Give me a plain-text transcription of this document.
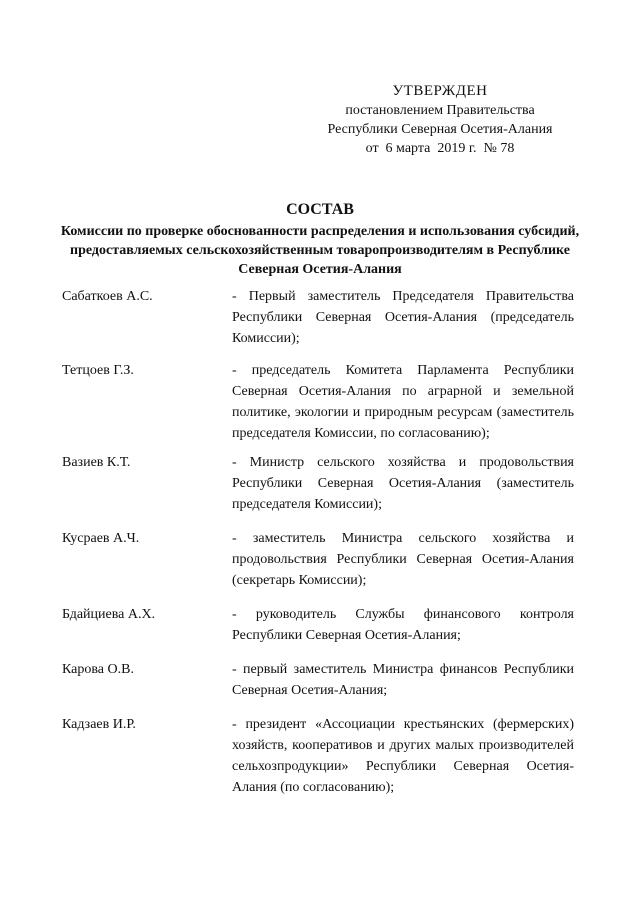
УТВЕРЖДЕН
постановлением Правительства
Республики Северная Осетия-Алания
от  6 марта  2019 г.  № 78
СОСТАВ
Комиссии по проверке обоснованности распределения и использования субсидий, предоставляемых сельскохозяйственным товаропроизводителям в Республике Северная Осетия-Алания
Сабаткоев А.С.	- Первый заместитель Председателя Правительства Республики Северная Осетия-Алания (председатель Комиссии);
Тетцоев Г.З.	- председатель Комитета Парламента Республики Северная Осетия-Алания по аграрной и земельной политике, экологии и природным ресурсам (заместитель председателя Комиссии, по согласованию);
Вазиев К.Т.	- Министр сельского хозяйства и продовольствия Республики Северная Осетия-Алания (заместитель председателя Комиссии);
Кусраев А.Ч.	- заместитель Министра сельского хозяйства и продовольствия Республики Северная Осетия-Алания (секретарь Комиссии);
Бдайциева А.Х.	- руководитель Службы финансового контроля Республики Северная Осетия-Алания;
Карова О.В.	- первый заместитель Министра финансов Республики Северная Осетия-Алания;
Кадзаев И.Р.	- президент «Ассоциации крестьянских (фермерских) хозяйств, кооперативов и других малых производителей сельхозпродукции» Республики Северная Осетия-Алания (по согласованию);
